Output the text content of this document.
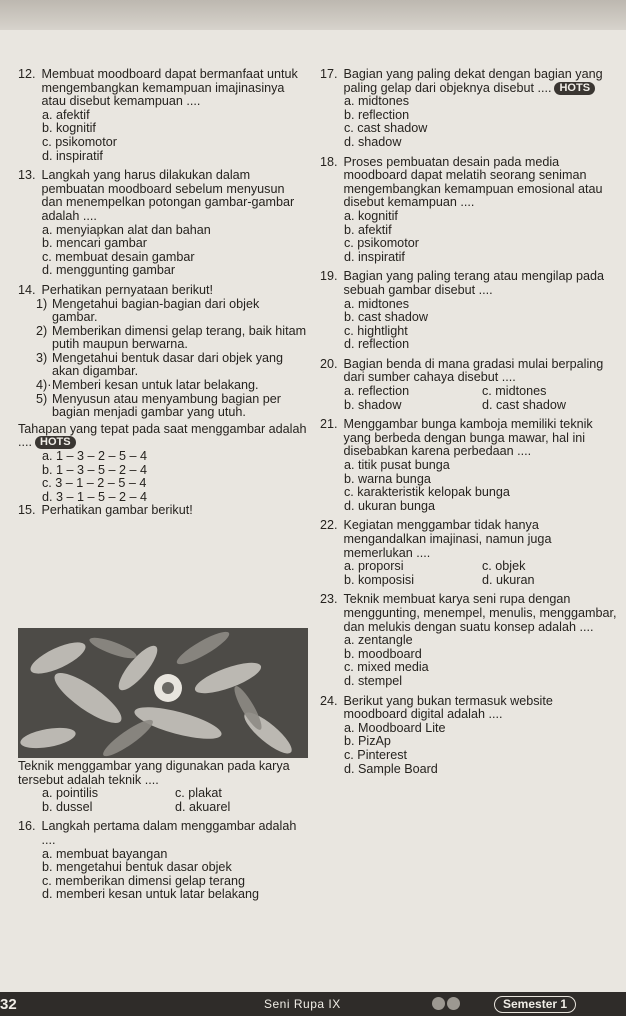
12. Membuat moodboard dapat bermanfaat untuk mengembangkan kemampuan imajinasinya atau disebut kemampuan ....
a. afektif
b. kognitif
c. psikomotor
d. inspiratif
13. Langkah yang harus dilakukan dalam pembuatan moodboard sebelum menyusun dan menempelkan potongan gambar-gambar adalah ....
a. menyiapkan alat dan bahan
b. mencari gambar
c. membuat desain gambar
d. menggunting gambar
14. Perhatikan pernyataan berikut!
1) Mengetahui bagian-bagian dari objek gambar.
2) Memberikan dimensi gelap terang, baik hitam putih maupun berwarna.
3) Mengetahui bentuk dasar dari objek yang akan digambar.
4)· Memberi kesan untuk latar belakang.
5) Menyusun atau menyambung bagian per bagian menjadi gambar yang utuh.
Tahapan yang tepat pada saat menggambar adalah .... HOTS
a. 1 – 3 – 2 – 5 – 4
b. 1 – 3 – 5 – 2 – 4
c. 3 – 1 – 2 – 5 – 4
d. 3 – 1 – 5 – 2 – 4
15. Perhatikan gambar berikut!
Teknik menggambar yang digunakan pada karya tersebut adalah teknik ....
a. pointilis	c. plakat
b. dussel	d. akuarel
16. Langkah pertama dalam menggambar adalah ....
a. membuat bayangan
b. mengetahui bentuk dasar objek
c. memberikan dimensi gelap terang
d. memberi kesan untuk latar belakang
17. Bagian yang paling dekat dengan bagian yang paling gelap dari objeknya disebut .... HOTS
a. midtones
b. reflection
c. cast shadow
d. shadow
18. Proses pembuatan desain pada media moodboard dapat melatih seorang seniman mengembangkan kemampuan emosional atau disebut kemampuan ....
a. kognitif
b. afektif
c. psikomotor
d. inspiratif
19. Bagian yang paling terang atau mengilap pada sebuah gambar disebut ....
a. midtones
b. cast shadow
c. hightlight
d. reflection
20. Bagian benda di mana gradasi mulai berpaling dari sumber cahaya disebut ....
a. reflection	c. midtones
b. shadow	d. cast shadow
21. Menggambar bunga kamboja memiliki teknik yang berbeda dengan bunga mawar, hal ini disebabkan karena perbedaan ....
a. titik pusat bunga
b. warna bunga
c. karakteristik kelopak bunga
d. ukuran bunga
22. Kegiatan menggambar tidak hanya mengandalkan imajinasi, namun juga memerlukan ....
a. proporsi	c. objek
b. komposisi	d. ukuran
23. Teknik membuat karya seni rupa dengan menggunting, menempel, menulis, menggambar, dan melukis dengan suatu konsep adalah ....
a. zentangle
b. moodboard
c. mixed media
d. stempel
24. Berikut yang bukan termasuk website moodboard digital adalah ....
a. Moodboard Lite
b. PizAp
c. Pinterest
d. Sample Board
32	Seni Rupa IX	Semester 1
